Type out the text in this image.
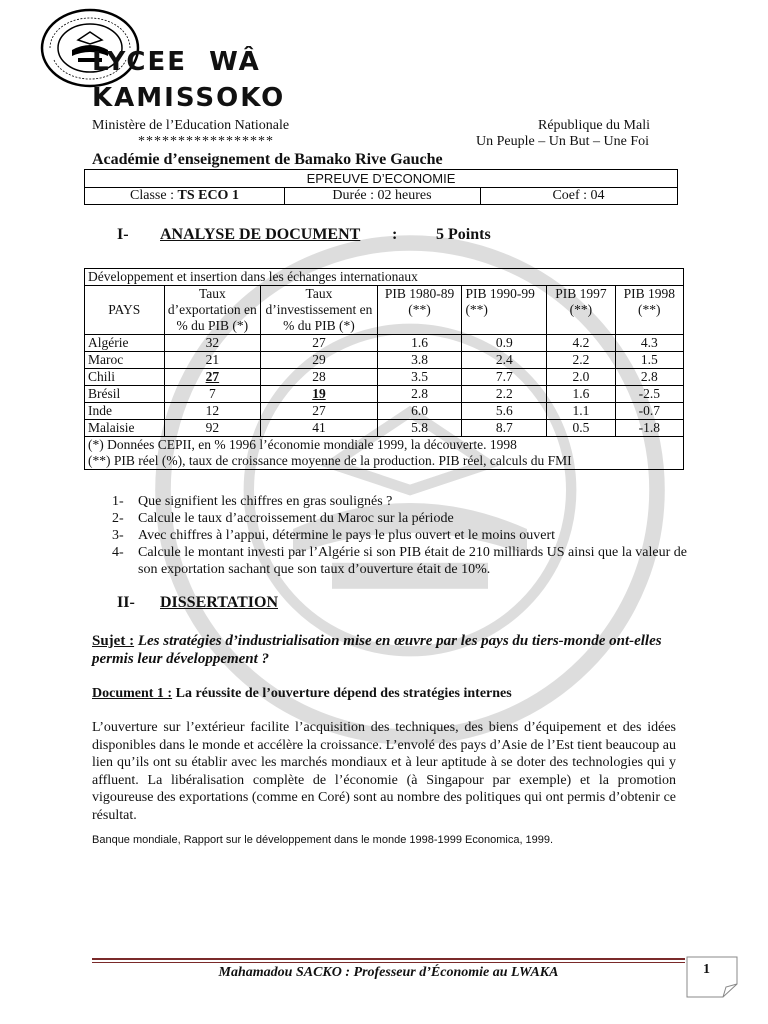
LYCEE  WÂ
KAMISSOKO
Ministère de l’Education Nationale
*****************
République du Mali
Un Peuple – Un But – Une Foi
Académie d’enseignement de Bamako Rive Gauche
EPREUVE D’ECONOMIE
Classe : TS ECO 1	Durée : 02 heures	Coef : 04
I- ANALYSE DE DOCUMENT : 5 Points
Développement et insertion dans les échanges internationaux						
PAYS	Taux d’exportation en % du PIB (*)	Taux d’investissement en % du PIB (*)	PIB 1980-89 (**)	PIB 1990-99 (**)	PIB 1997 (**)	PIB 1998 (**)
Algérie	32	27	1.6	0.9	4.2	4.3
Maroc	21	29	3.8	2.4	2.2	1.5
Chili	27	28	3.5	7.7	2.0	2.8
Brésil	7	19	2.8	2.2	1.6	-2.5
Inde	12	27	6.0	5.6	1.1	-0.7
Malaisie	92	41	5.8	8.7	0.5	-1.8

(*) Données CEPII, en % 1996 l’économie mondiale 1999, la découverte. 1998
(**) PIB réel (%), taux de croissance moyenne de la production. PIB réel, calculs du FMI						
1- Que signifient les chiffres en gras soulignés ?
2- Calcule le taux d’accroissement du Maroc sur la période
3- Avec chiffres à l’appui, détermine le pays le plus ouvert et le moins ouvert
4- Calcule le montant investi par l’Algérie si son PIB était de 210 milliards US ainsi que la valeur de son exportation sachant que son taux d’ouverture était de 10%.
II- DISSERTATION
Sujet : Les stratégies d’industrialisation mise en œuvre par les pays du tiers-monde ont-elles permis leur développement ?
Document 1 : La réussite de l’ouverture dépend des stratégies internes
L’ouverture sur l’extérieur facilite l’acquisition des techniques, des biens d’équipement et des idées disponibles dans le monde et accélère la croissance. L’envolé des pays d’Asie de l’Est tient beaucoup au lien qu’ils ont su établir avec les marchés mondiaux et à leur aptitude à se doter des technologies qui y affluent. La libéralisation complète de l’économie (à Singapour par exemple) et la promotion vigoureuse des exportations (comme en Coré) sont au nombre des politiques qui ont permis d’obtenir ce résultat.
Banque mondiale, Rapport sur le développement dans le monde 1998-1999 Economica, 1999.
Mahamadou SACKO : Professeur d’Économie au LWAKA	1
